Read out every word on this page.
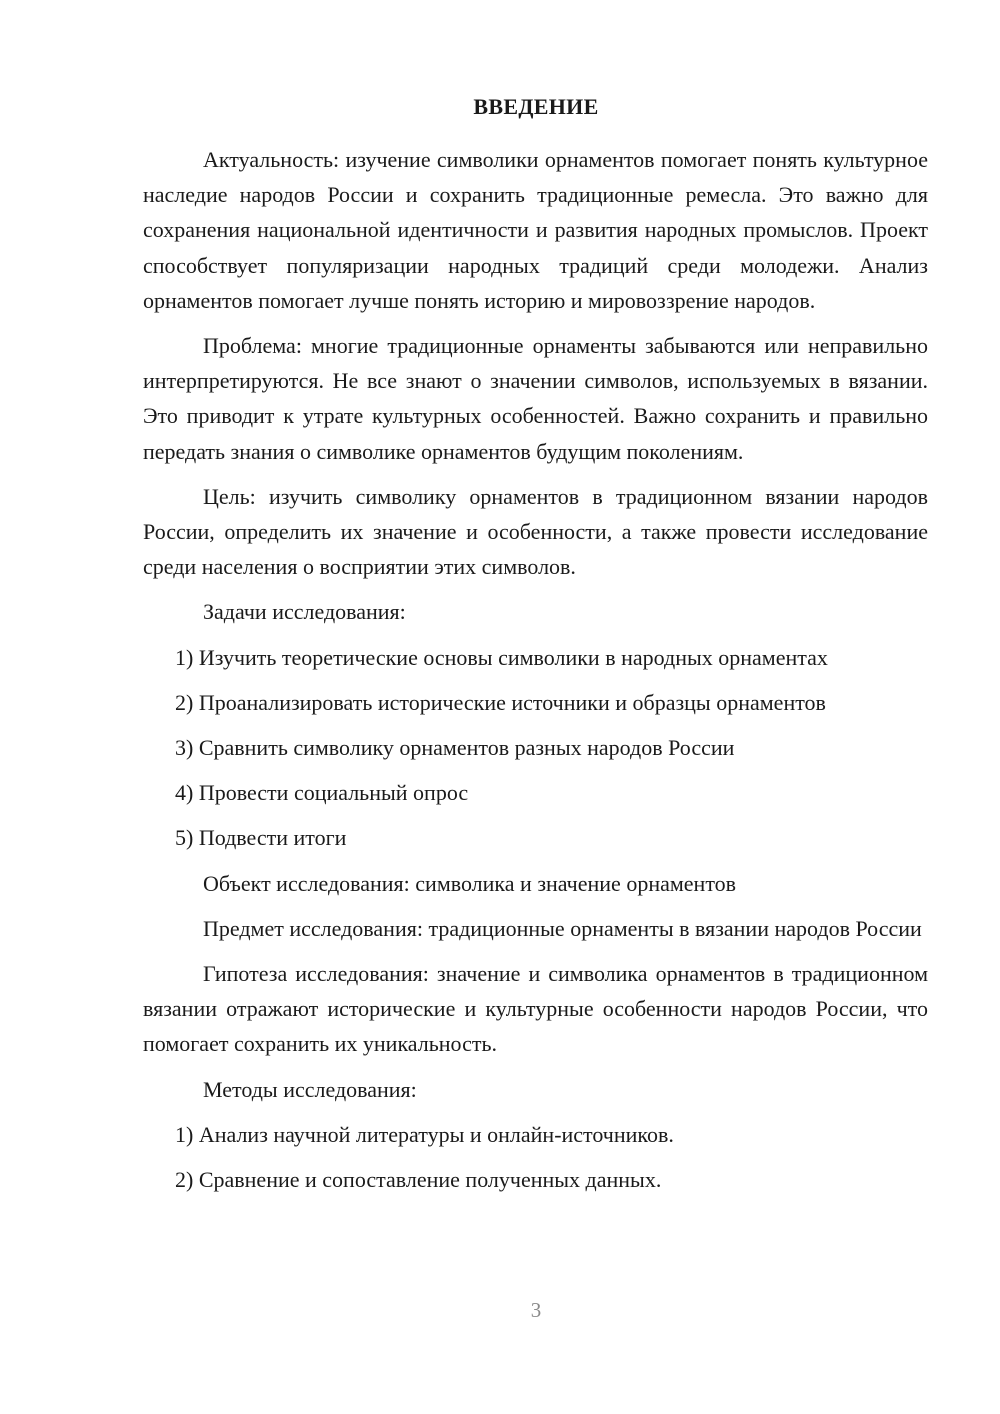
ВВЕДЕНИЕ

Актуальность: изучение символики орнаментов помогает понять культурное наследие народов России и сохранить традиционные ремесла. Это важно для сохранения национальной идентичности и развития народных промыслов. Проект способствует популяризации народных традиций среди молодежи. Анализ орнаментов помогает лучше понять историю и мировоззрение народов.

Проблема: многие традиционные орнаменты забываются или неправильно интерпретируются. Не все знают о значении символов, используемых в вязании. Это приводит к утрате культурных особенностей. Важно сохранить и правильно передать знания о символике орнаментов будущим поколениям.

Цель: изучить символику орнаментов в традиционном вязании народов России, определить их значение и особенности, а также провести исследование среди населения о восприятии этих символов.

Задачи исследования:

1) Изучить теоретические основы символики в народных орнаментах

2) Проанализировать исторические источники и образцы орнаментов

3) Сравнить символику орнаментов разных народов России

4) Провести социальный опрос

5) Подвести итоги

Объект исследования: символика и значение орнаментов

Предмет исследования: традиционные орнаменты в вязании народов России

Гипотеза исследования: значение и символика орнаментов в традиционном вязании отражают исторические и культурные особенности народов России, что помогает сохранить их уникальность.

Методы исследования:

1) Анализ научной литературы и онлайн-источников.

2) Сравнение и сопоставление полученных данных.

3
